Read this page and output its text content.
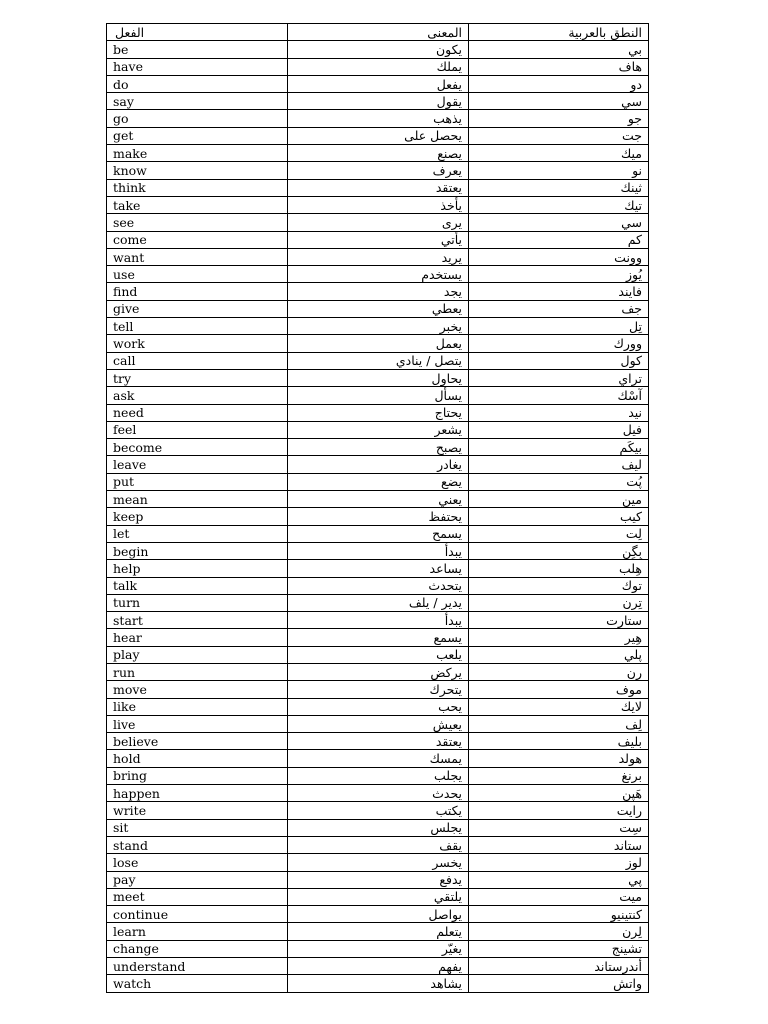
الفعل	المعنى	النطق بالعربية
be	يكون	بي
have	يملك	هاف
do	يفعل	دو
say	يقول	سي
go	يذهب	جو
get	يحصل على	جت
make	يصنع	ميك
know	يعرف	نو
think	يعتقد	ثينك
take	يأخذ	تيك
see	يرى	سي
come	يأتي	كم
want	يريد	وونت
use	يستخدم	يُوز
find	يجد	فايند
give	يعطي	جف
tell	يخبر	تِل
work	يعمل	وورك
call	يتصل / ينادي	كول
try	يحاول	تراي
ask	يسأل	آسْك
need	يحتاج	نيد
feel	يشعر	فيل
become	يصبح	بيكَم
leave	يغادر	ليف
put	يضع	پُت
mean	يعني	مين
keep	يحتفظ	كيب
let	يسمح	لِت
begin	يبدأ	بِگِن
help	يساعد	هِلب
talk	يتحدث	توك
turn	يدير / يلف	تِرن
start	يبدأ	ستارت
hear	يسمع	هِير
play	يلعب	پلي
run	يركض	رن
move	يتحرك	موف
like	يحب	لايك
live	يعيش	لِف
believe	يعتقد	بليف
hold	يمسك	هولد
bring	يجلب	برنغ
happen	يحدث	هَپن
write	يكتب	رايت
sit	يجلس	سِت
stand	يقف	ستاند
lose	يخسر	لوز
pay	يدفع	پي
meet	يلتقي	ميت
continue	يواصل	كنتينيو
learn	يتعلم	لِرن
change	يغيّر	تشينج
understand	يفهم	أندرستاند
watch	يشاهد	واتش
